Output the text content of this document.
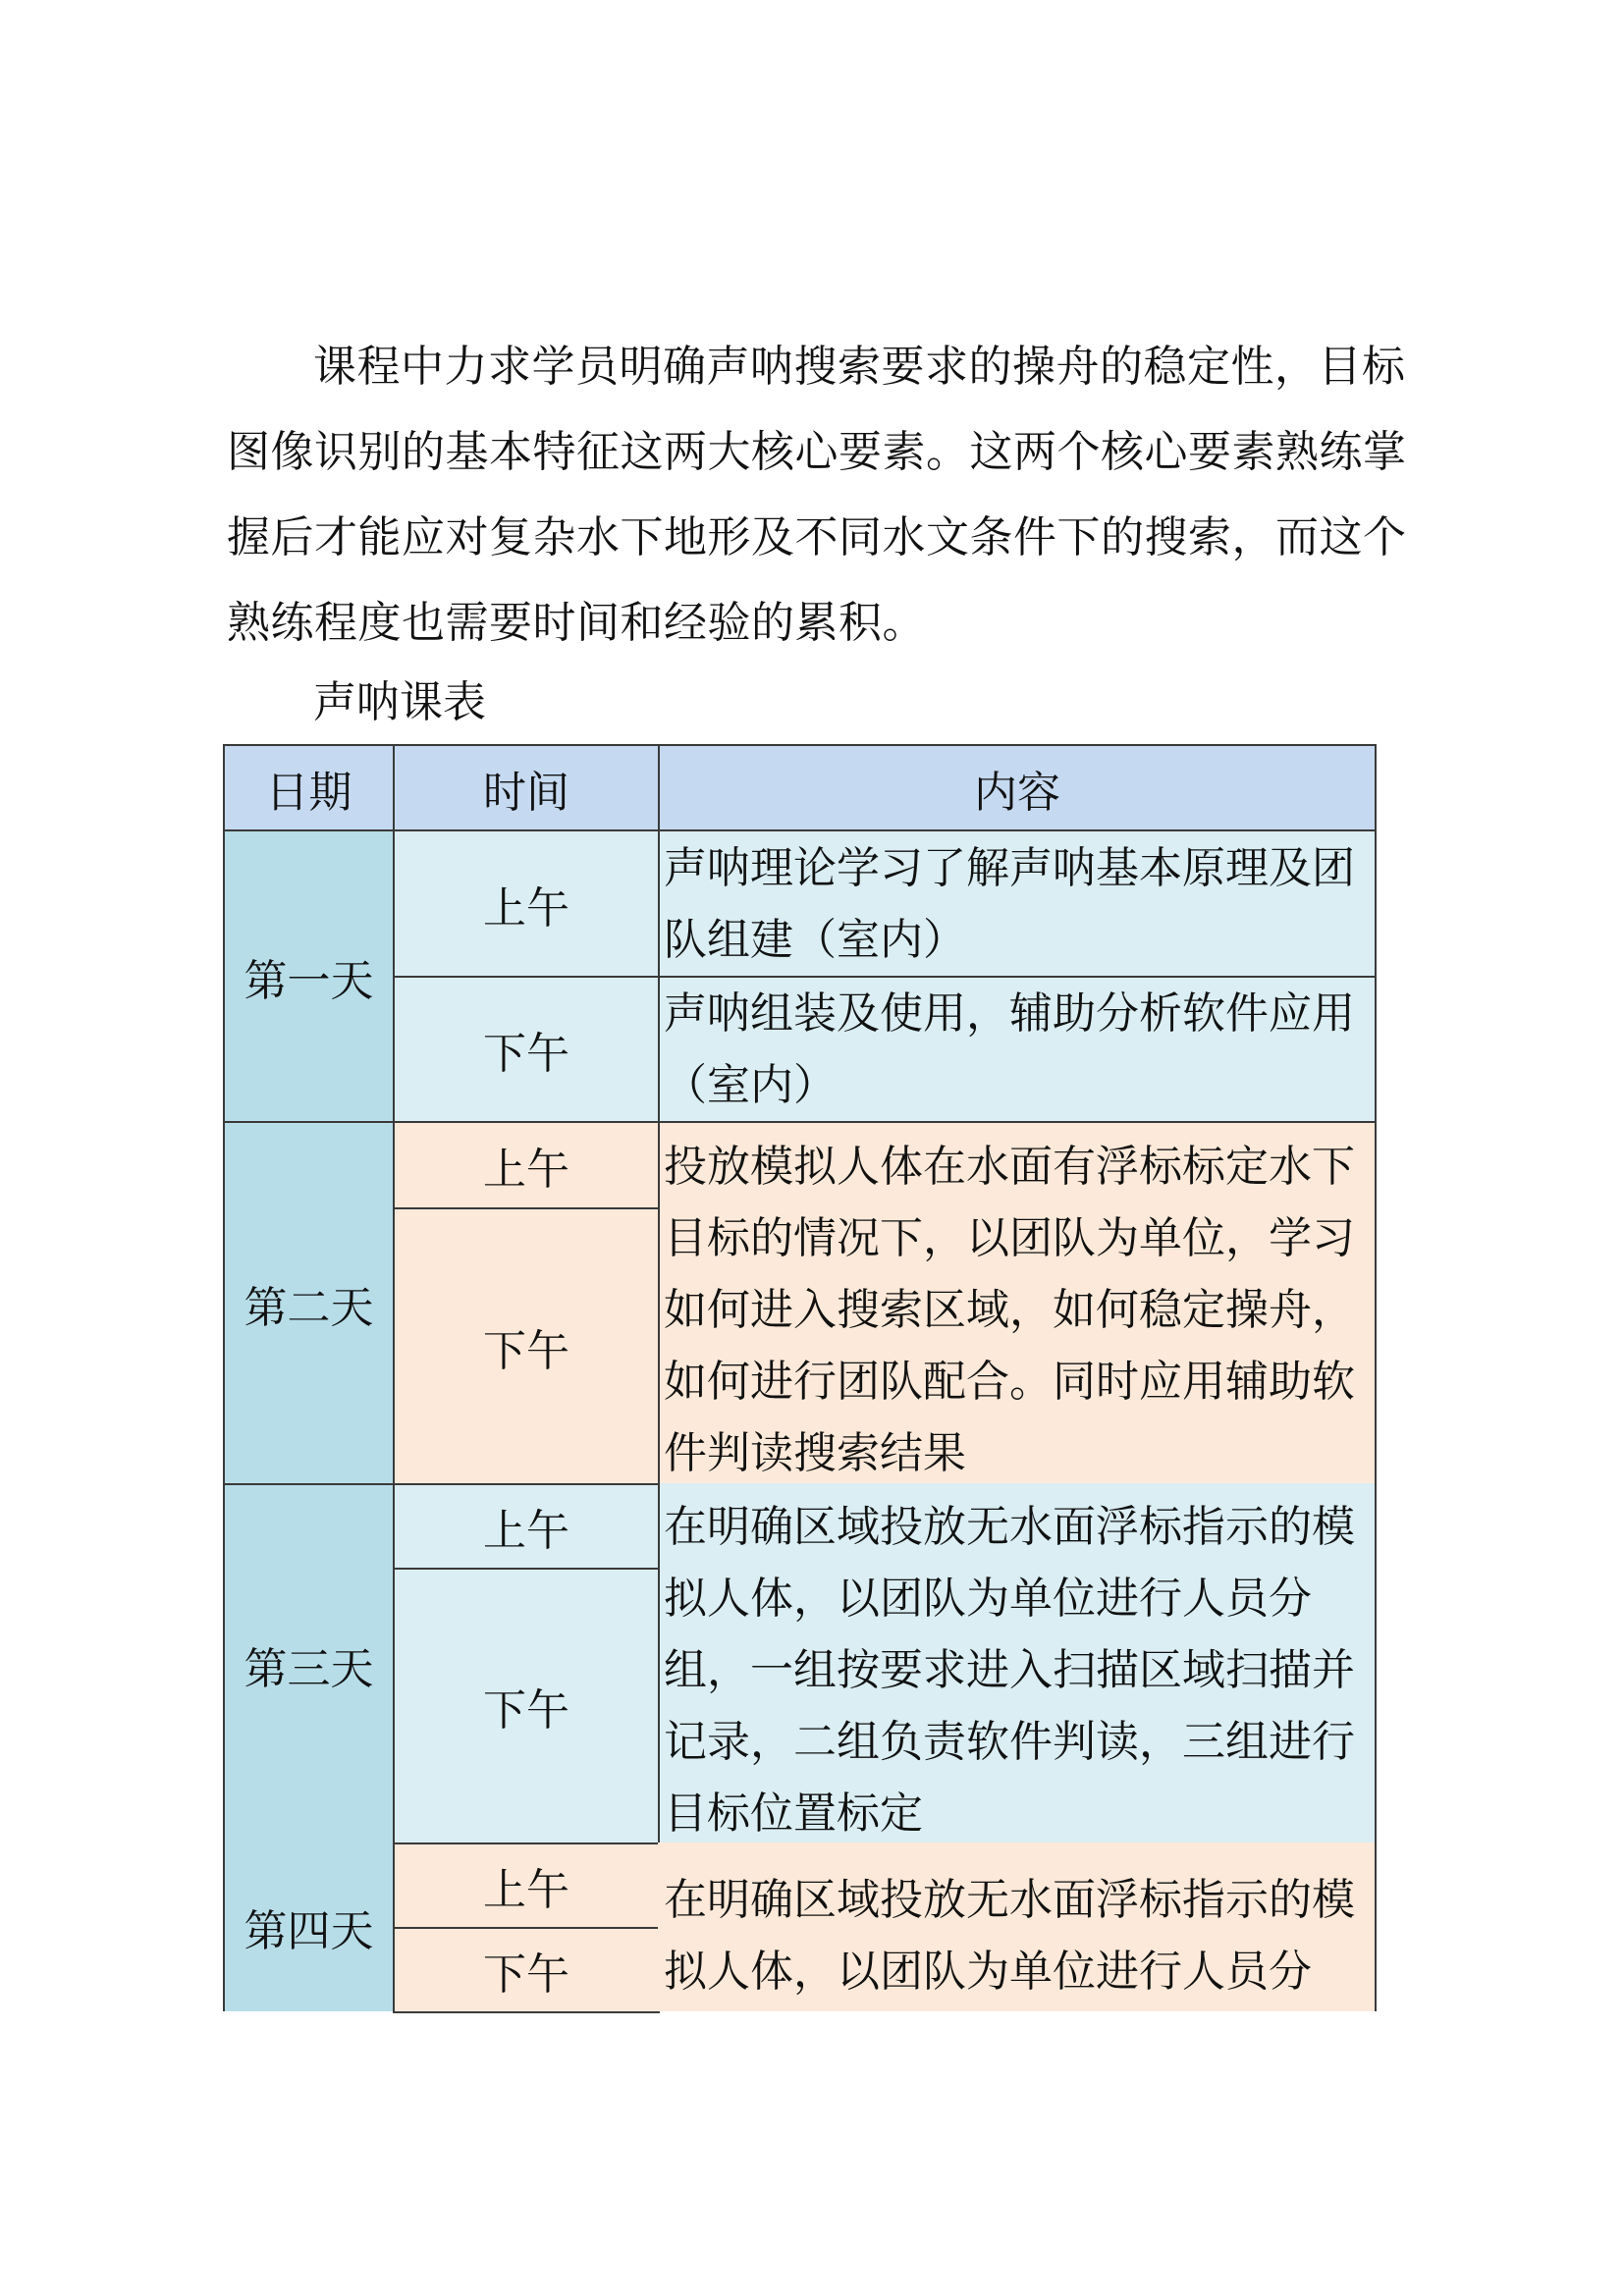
课程中力求学员明确声呐搜索要求的操舟的稳定性，目标图像识别的基本特征这两大核心要素。这两个核心要素熟练掌握后才能应对复杂水下地形及不同水文条件下的搜索，而这个熟练程度也需要时间和经验的累积。
声呐课表
日期	时间	内容
第一天
上午
下午
声呐理论学习了解声呐基本原理及团队组建（室内）
声呐组装及使用，辅助分析软件应用（室内）
第二天
上午
下午
投放模拟人体在水面有浮标标定水下目标的情况下，以团队为单位，学习如何进入搜索区域，如何稳定操舟，如何进行团队配合。同时应用辅助软件判读搜索结果
第三天
上午
下午
在明确区域投放无水面浮标指示的模拟人体，以团队为单位进行人员分组，一组按要求进入扫描区域扫描并记录，二组负责软件判读，三组进行目标位置标定
第四天
上午
下午
在明确区域投放无水面浮标指示的模拟人体，以团队为单位进行人员分
